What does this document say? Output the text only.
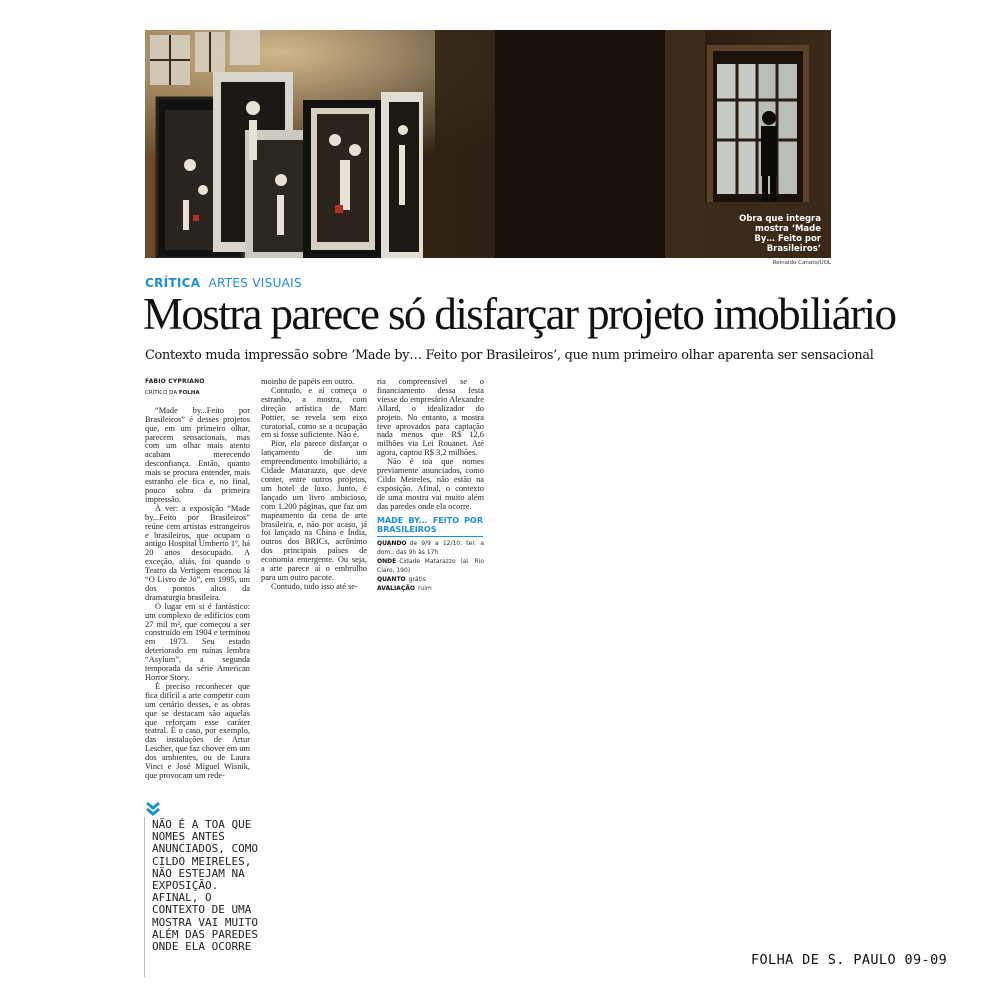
Obra que integra mostra ‘Made By… Feito por Brasileiros’
Reinaldo Canato/UOL
CRÍTICA ARTES VISUAIS
Mostra parece só disfarçar projeto imobiliário
Contexto muda impressão sobre ‘Made by… Feito por Brasileiros’, que num primeiro olhar aparenta ser sensacional
FABIO CYPRIANO
CRÍTICO DA FOLHA

“Made by...Feito por Brasileiros” é desses projetos que, em um primeiro olhar, parecem sensacionais, mas com um olhar mais atento acabam merecendo desconfiança. Então, quanto mais se procura entender, mais estranho ele fica e, no final, pouco sobra da primeira impressão.

À ver: a exposição “Made by...Feito por Brasileiros” reúne cem artistas estrangeiros e brasileiros, que ocupam o antigo Hospital Umberto 1º, há 20 anos desocupado. A exceção, aliás, foi quando o Teatro da Vertigem encenou lá “O Livro de Jó”, em 1995, um dos pontos altos da dramaturgia brasileira.

O lugar em si é fantástico: um complexo de edifícios com 27 mil m², que começou a ser construído em 1904 e terminou em 1973. Seu estado deteriorado em ruínas lembra “Asylum”, a segunda temporada da série American Horror Story.

É preciso reconhecer que fica difícil a arte competir com um cenário desses, e as obras que se destacam são aquelas que reforçam esse caráter teatral. É o caso, por exemplo, das instalações de Artur Lescher, que faz chover em um dos ambientes, ou de Laura Vinci e José Miguel Wisnik, que provocam um rede-

moinho de papéis em outro.

Contudo, e aí começa o estranho, a mostra, com direção artística de Marc Pottier, se revela sem eixo curatorial, como se a ocupação em si fosse suficiente. Não é.

Pior, ela parece disfarçar o lançamento de um empreendimento imobiliário, a Cidade Matarazzo, que deve conter, entre outros projetos, um hotel de luxo. Junto, é lançado um livro ambicioso, com 1.200 páginas, que faz um mapeamento da cena de arte brasileira, e, não por acaso, já foi lançado na China e Índia, outros dos BRICs, acrônimo dos principais países de economia emergente. Ou seja, a arte parece aí o embrulho para um outro pacote.

Contudo, tudo isso até se-

ria compreensível se o financiamento dessa festa viesse do empresário Alexandre Allard, o idealizador do projeto. No entanto, a mostra teve aprovados para captação nada menos que R$ 12,6 milhões via Lei Rouanet. Até agora, captou R$ 3,2 milhões.

Não é toa que nomes previamente anunciados, como Cildo Meireles, não estão na exposição. Afinal, o contexto de uma mostra vai muito além das paredes onde ela ocorre.

MADE BY... FEITO POR BRASILEIROS
QUANDO de 9/9 a 12/10; ter. a dom., das 9h às 17h
ONDE Cidade Matarazzo (al. Rio Claro, 190)
QUANTO grátis
AVALIAÇÃO ruim
NÃO É A TOA QUE NOMES ANTES ANUNCIADOS, COMO CILDO MEIRELES, NÃO ESTEJAM NA EXPOSIÇÃO. AFINAL, O CONTEXTO DE UMA MOSTRA VAI MUITO ALÉM DAS PAREDES ONDE ELA OCORRE
FOLHA DE S. PAULO 09-09
